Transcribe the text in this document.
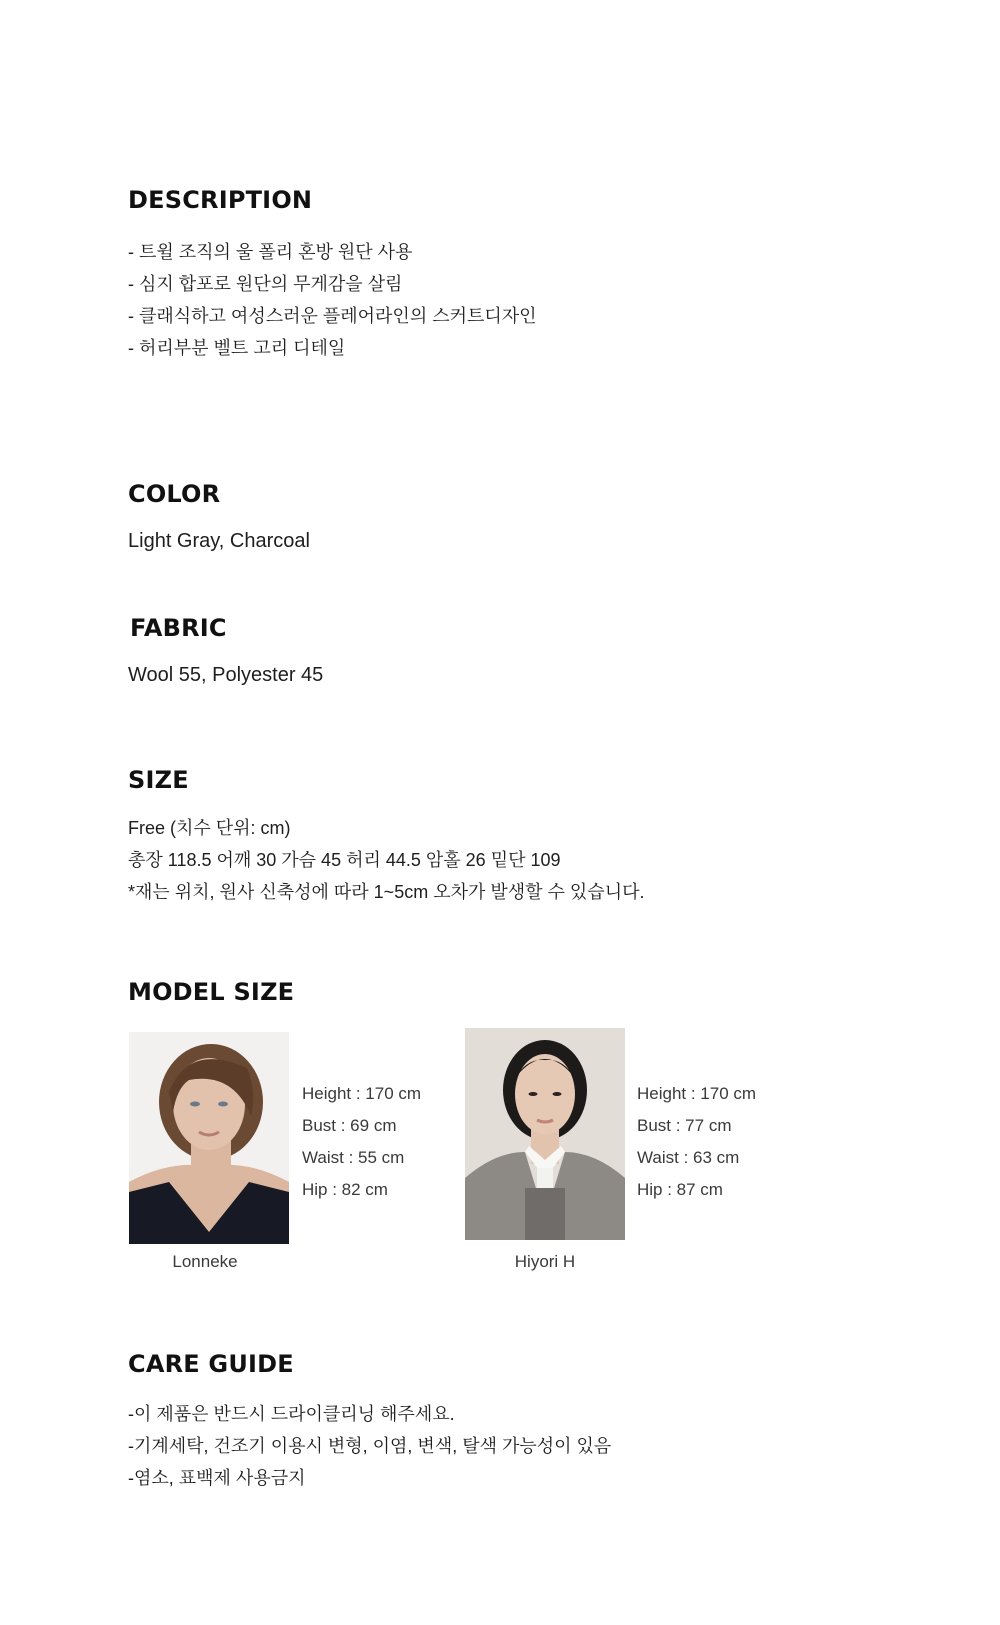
DESCRIPTION
- 트윌 조직의 울 폴리 혼방 원단 사용
- 심지 합포로 원단의 무게감을 살림
- 클래식하고 여성스러운 플레어라인의 스커트디자인
- 허리부분 벨트 고리 디테일
COLOR

Light Gray, Charcoal

FABRIC

Wool 55, Polyester 45

SIZE
Free (치수 단위: cm)
총장 118.5 어깨 30 가슴 45 허리 44.5 암홀 26 밑단 109
*재는 위치, 원사 신축성에 따라 1~5cm 오차가 발생할 수 있습니다.
MODEL SIZE
Height : 170 cm
Bust : 69 cm
Waist : 55 cm
Hip : 82 cm
Lonneke
Height : 170 cm
Bust : 77 cm
Waist : 63 cm
Hip : 87 cm
Hiyori H
CARE GUIDE
-이 제품은 반드시 드라이클리닝 해주세요.
-기계세탁, 건조기 이용시 변형, 이염, 변색, 탈색 가능성이 있음
-염소, 표백제 사용금지
